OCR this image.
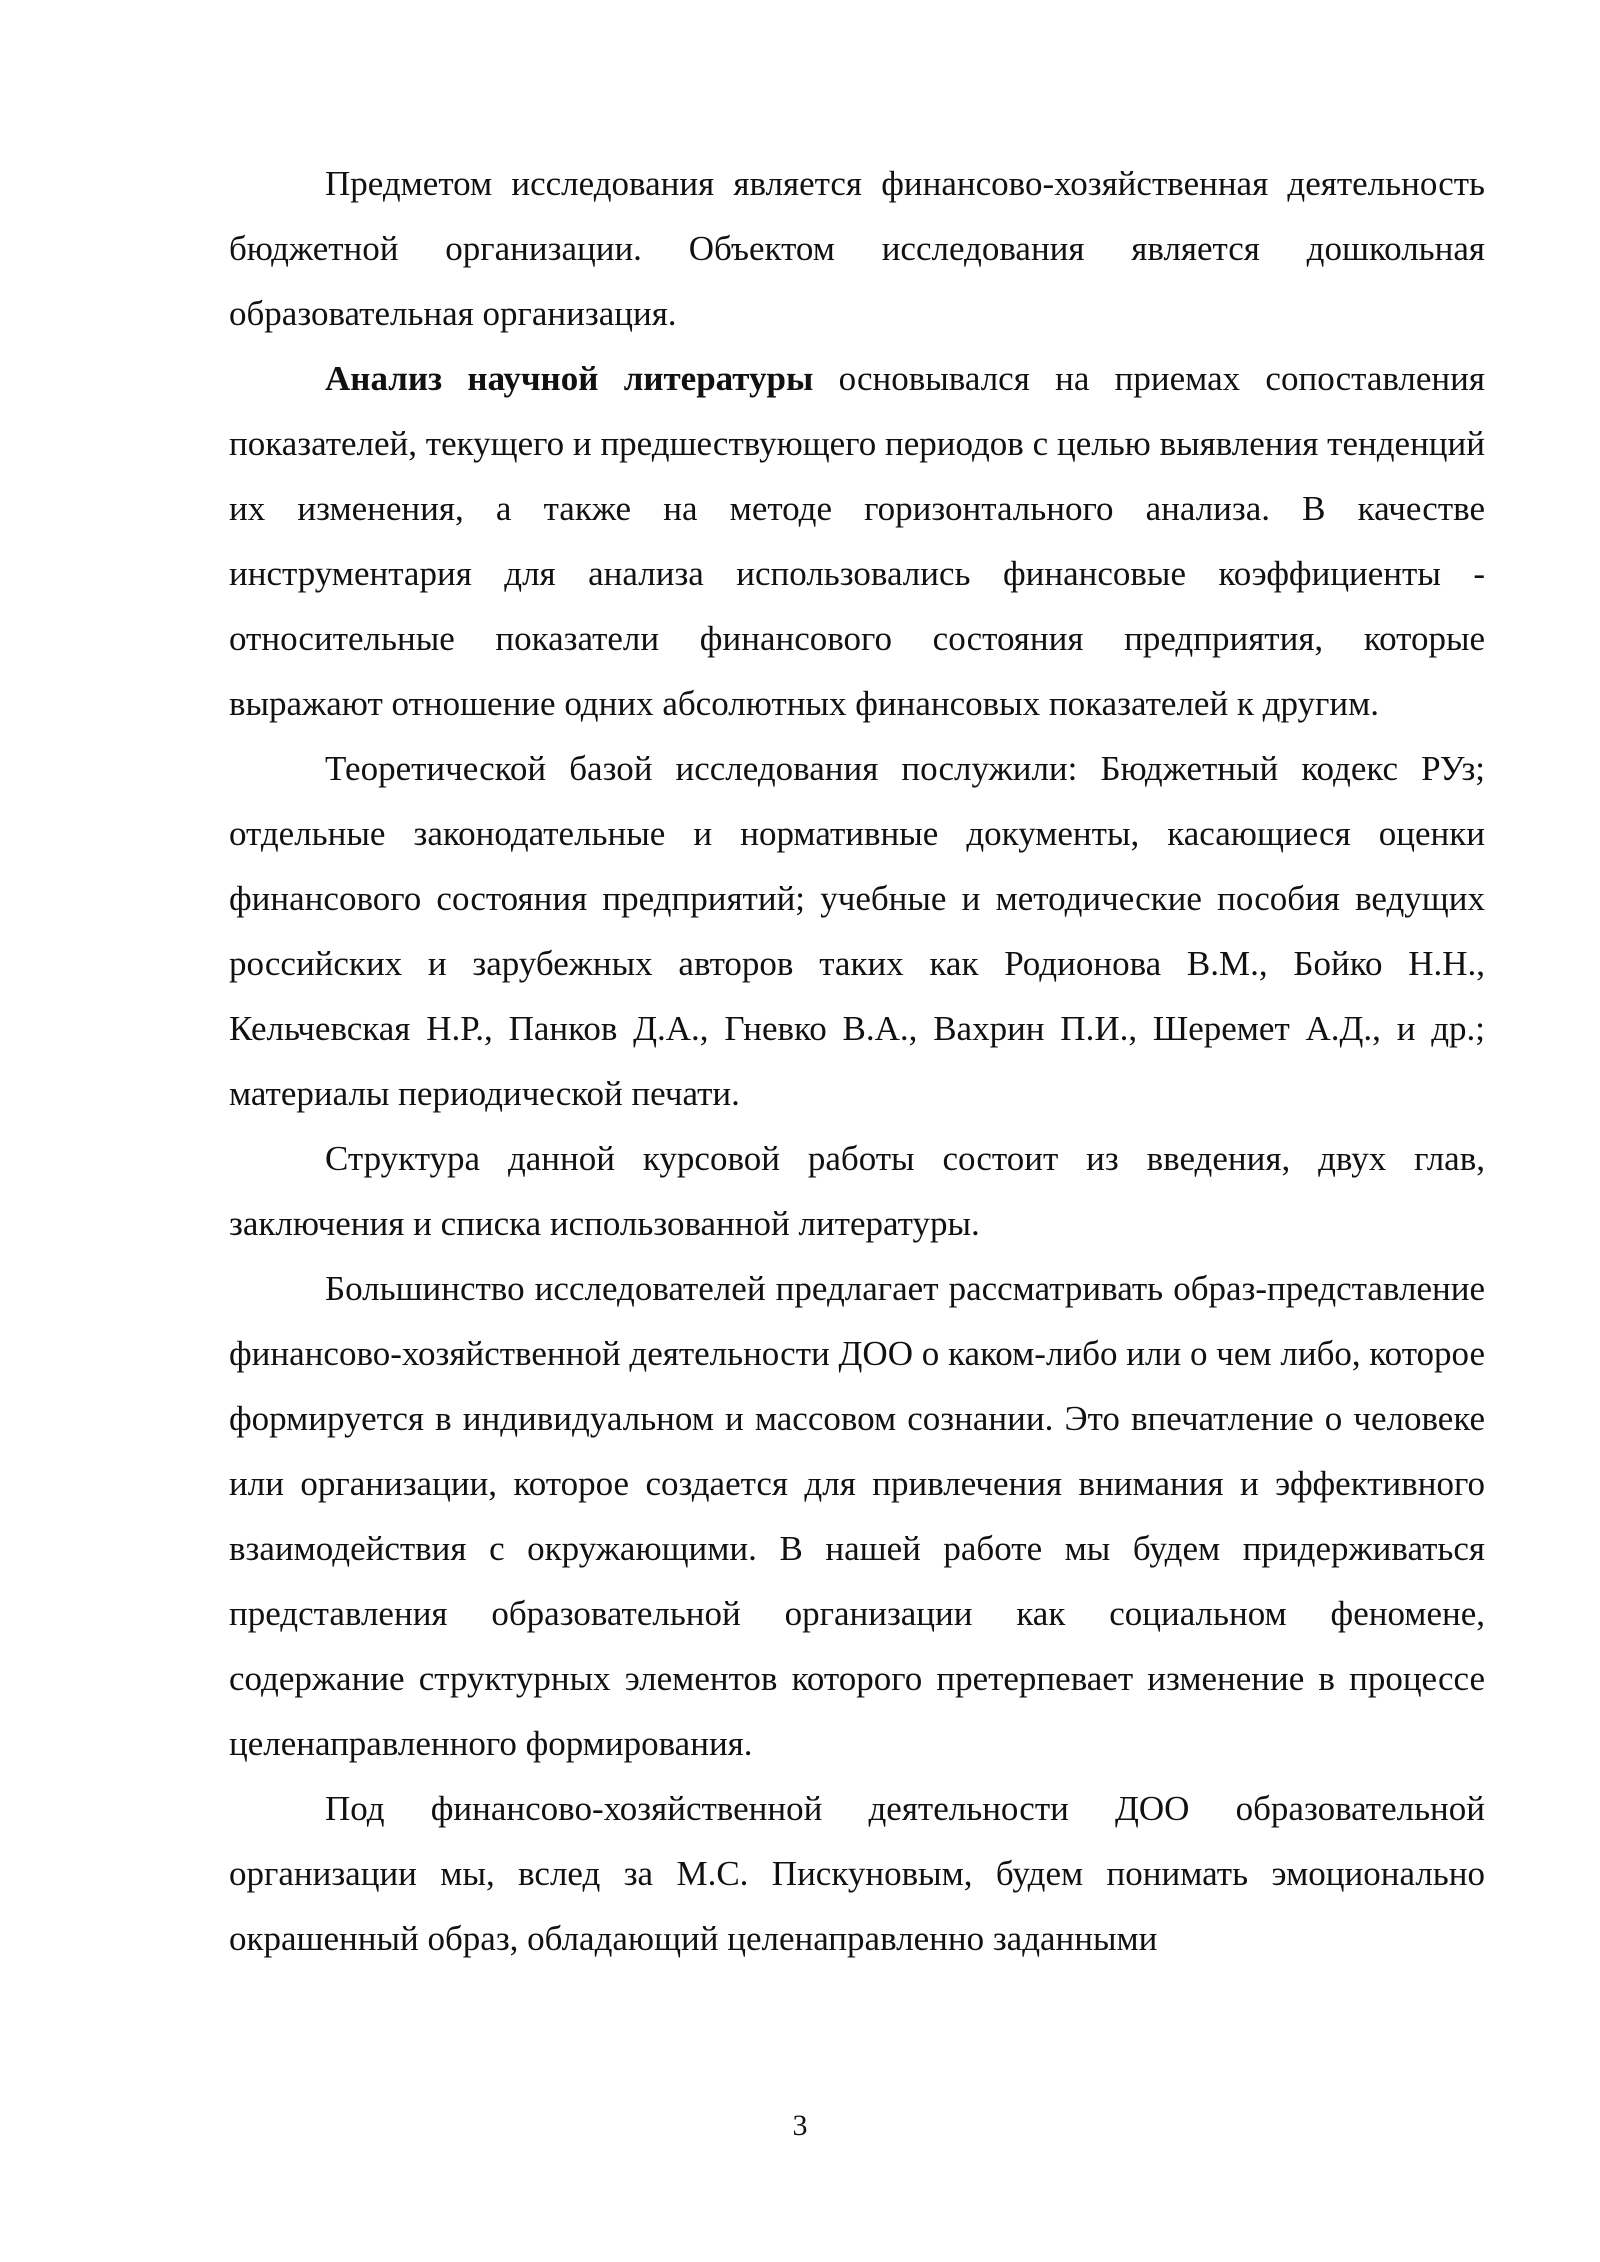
Предметом исследования является финансово-хозяйственная деятельность бюджетной организации. Объектом исследования является дошкольная образовательная организация.

Анализ научной литературы основывался на приемах сопоставления показателей, текущего и предшествующего периодов с целью выявления тенденций их изменения, а также на методе горизонтального анализа. В качестве инструментария для анализа использовались финансовые коэффициенты - относительные показатели финансового состояния предприятия, которые выражают отношение одних абсолютных финансовых показателей к другим.

Теоретической базой исследования послужили: Бюджетный кодекс РУз; отдельные законодательные и нормативные документы, касающиеся оценки финансового состояния предприятий; учебные и методические пособия ведущих российских и зарубежных авторов таких как Родионова В.М., Бойко Н.Н., Кельчевская Н.Р., Панков Д.А., Гневко В.А., Вахрин П.И., Шеремет А.Д., и др.; материалы периодической печати.

Структура данной курсовой работы состоит из введения, двух глав, заключения и списка использованной литературы.

Большинство исследователей предлагает рассматривать образ-представление финансово-хозяйственной деятельности ДОО о каком-либо или о чем либо, которое формируется в индивидуальном и массовом сознании. Это впечатление о человеке или организации, которое создается для привлечения внимания и эффективного взаимодействия с окружающими. В нашей работе мы будем придерживаться представления образовательной организации как социальном феномене, содержание структурных элементов которого претерпевает изменение в процессе целенаправленного формирования.

Под финансово-хозяйственной деятельности ДОО образовательной организации мы, вслед за М.С. Пискуновым, будем понимать эмоционально окрашенный образ, обладающий целенаправленно заданными

3
